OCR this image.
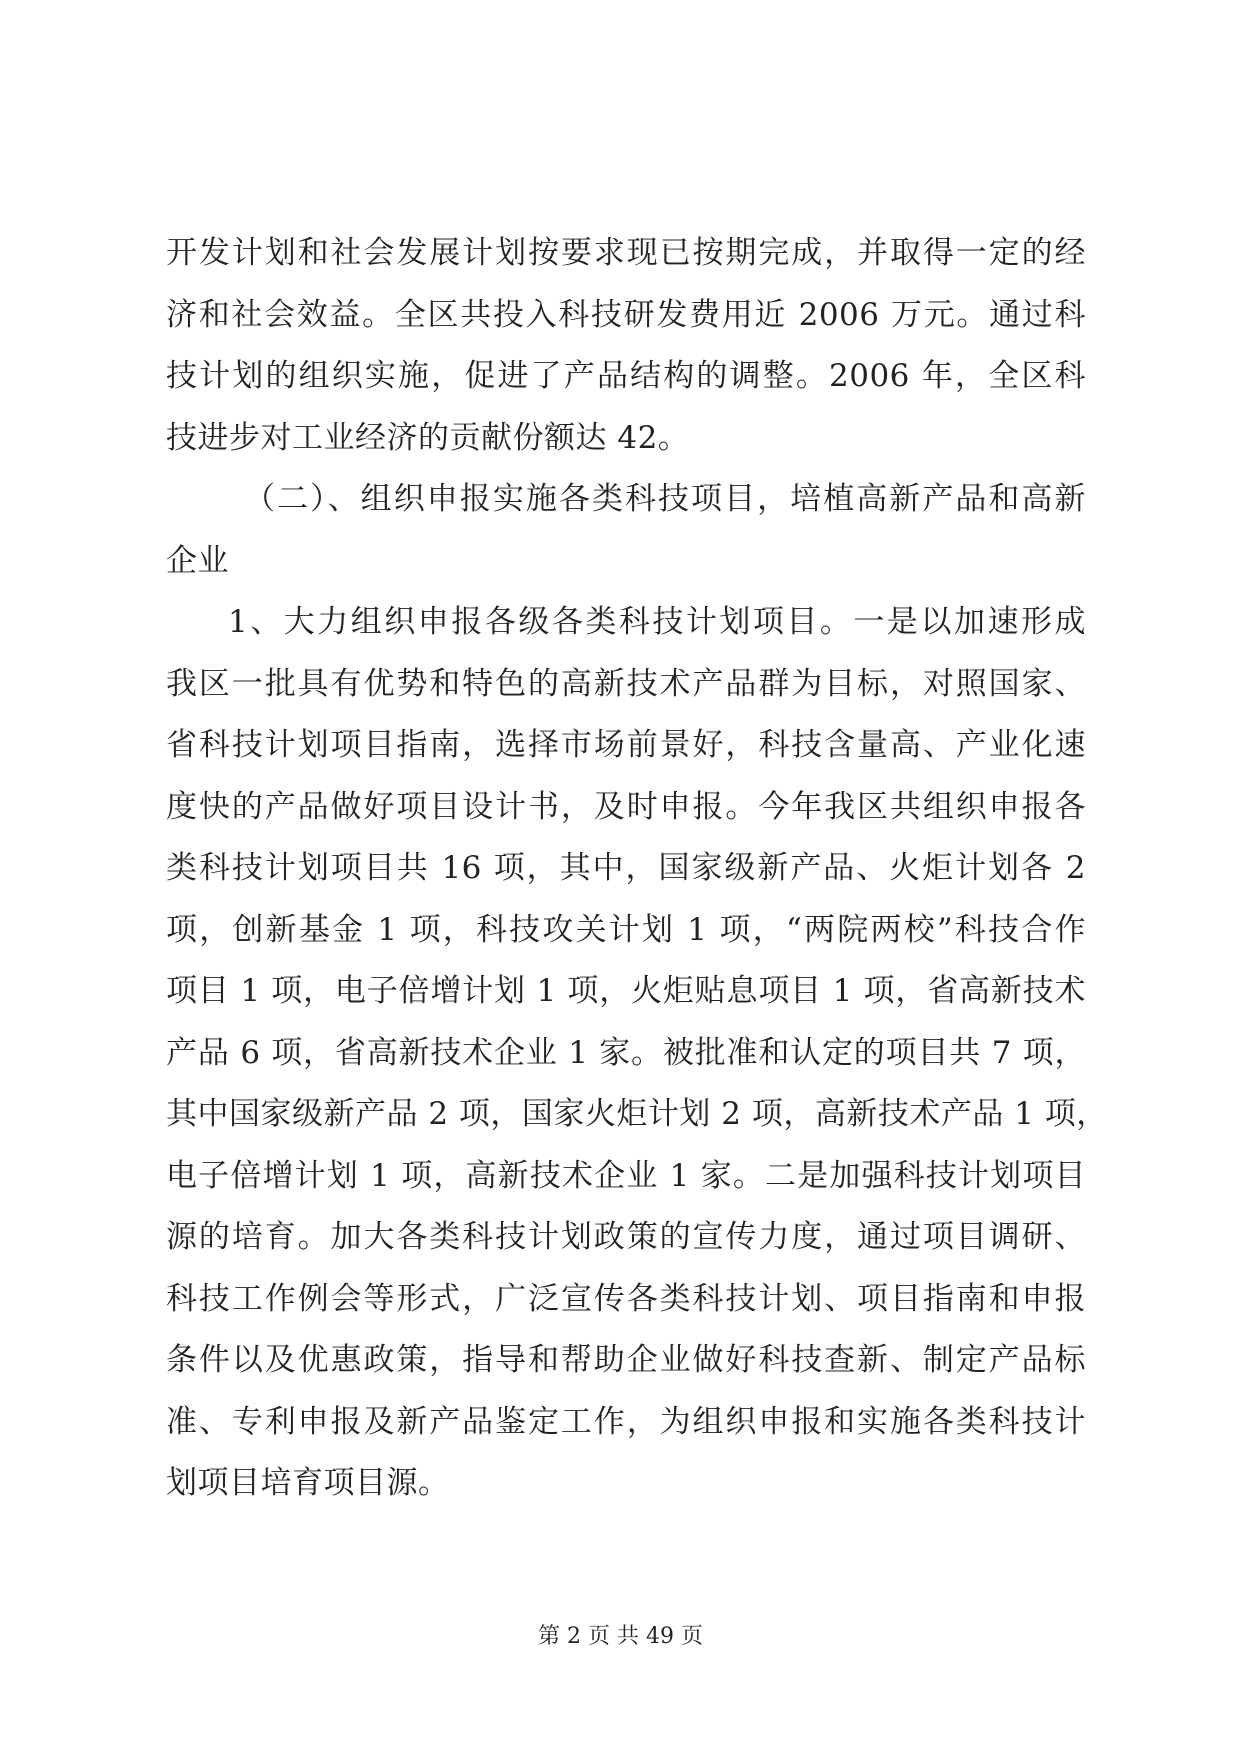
开发计划和社会发展计划按要求现已按期完成，并取得一定的经
济和社会效益。全区共投入科技研发费用近 2006 万元。通过科
技计划的组织实施，促进了产品结构的调整。2006 年，全区科
技进步对工业经济的贡献份额达 42。
（二）、组织申报实施各类科技项目，培植高新产品和高新
企业
1、大力组织申报各级各类科技计划项目。一是以加速形成
我区一批具有优势和特色的高新技术产品群为目标，对照国家、
省科技计划项目指南，选择市场前景好，科技含量高、产业化速
度快的产品做好项目设计书，及时申报。今年我区共组织申报各
类科技计划项目共 16 项，其中，国家级新产品、火炬计划各 2
项，创新基金 1 项，科技攻关计划 1 项，“两院两校”科技合作
项目 1 项，电子倍增计划 1 项，火炬贴息项目 1 项，省高新技术
产品 6 项，省高新技术企业 1 家。被批准和认定的项目共 7 项，
其中国家级新产品 2 项，国家火炬计划 2 项，高新技术产品 1 项，
电子倍增计划 1 项，高新技术企业 1 家。二是加强科技计划项目
源的培育。加大各类科技计划政策的宣传力度，通过项目调研、
科技工作例会等形式，广泛宣传各类科技计划、项目指南和申报
条件以及优惠政策，指导和帮助企业做好科技查新、制定产品标
准、专利申报及新产品鉴定工作，为组织申报和实施各类科技计
划项目培育项目源。
第 2 页 共 49 页
